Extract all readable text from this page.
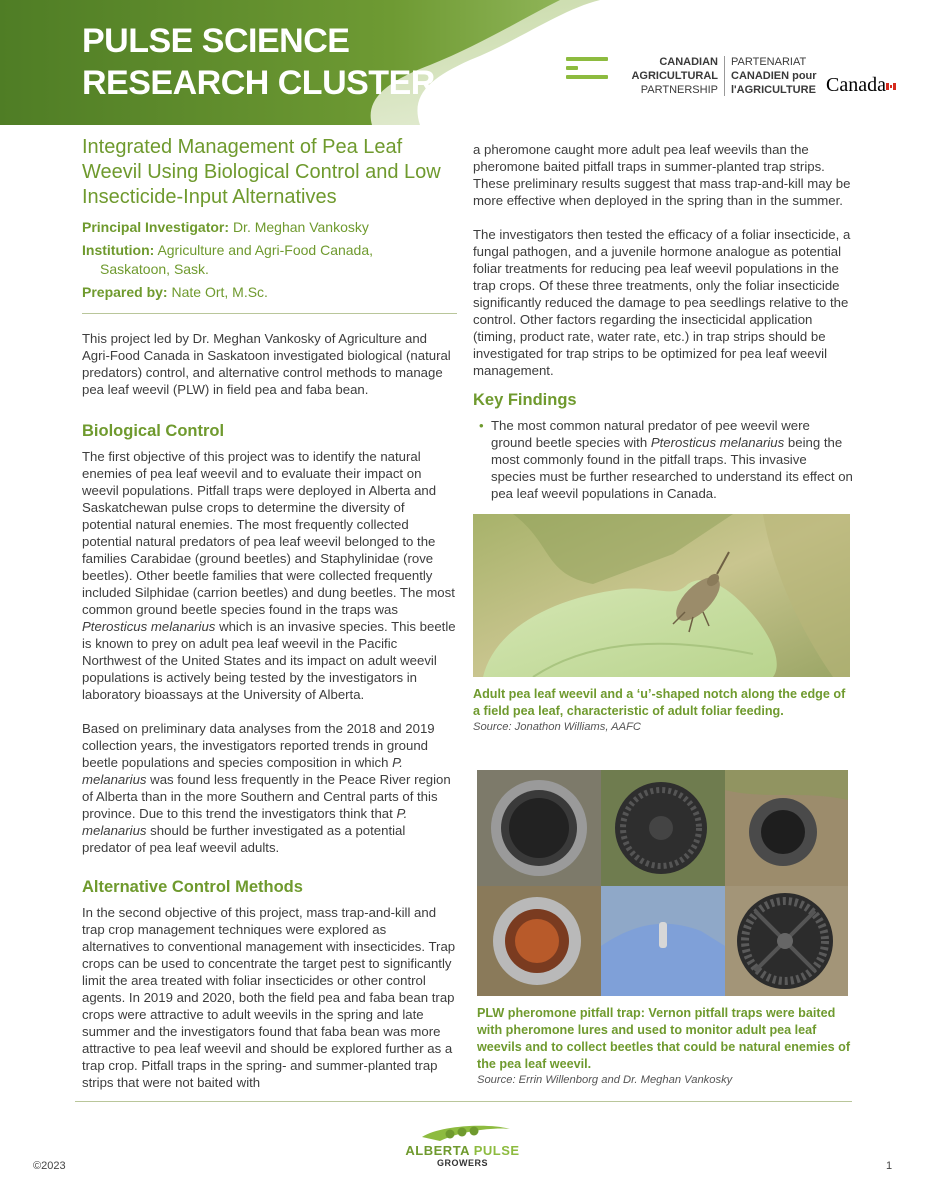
PULSE SCIENCE
RESEARCH CLUSTER
CANADIAN
AGRICULTURAL
PARTNERSHIP
PARTENARIAT
CANADIEN pour
l'AGRICULTURE Canada
Integrated Management of Pea Leaf Weevil Using Biological Control and Low Insecticide-Input Alternatives
Principal Investigator: Dr. Meghan Vankosky
Institution: Agriculture and Agri-Food Canada,
Saskatoon, Sask.
Prepared by: Nate Ort, M.Sc.

This project led by Dr. Meghan Vankosky of Agriculture and Agri-Food Canada in Saskatoon investigated biological (natural predators) control, and alternative control methods to manage pea leaf weevil (PLW) in field pea and faba bean.

Biological Control

The first objective of this project was to identify the natural enemies of pea leaf weevil and to evaluate their impact on weevil populations. Pitfall traps were deployed in Alberta and Saskatchewan pulse crops to determine the diversity of potential natural enemies. The most frequently collected potential natural predators of pea leaf weevil belonged to the families Carabidae (ground beetles) and Staphylinidae (rove beetles). Other beetle families that were collected frequently included Silphidae (carrion beetles) and dung beetles. The most common ground beetle species found in the traps was Pterosticus melanarius which is an invasive species. This beetle is known to prey on adult pea leaf weevil in the Pacific Northwest of the United States and its impact on adult weevil populations is actively being tested by the investigators in laboratory bioassays at the University of Alberta.

Based on preliminary data analyses from the 2018 and 2019 collection years, the investigators reported trends in ground beetle populations and species composition in which P. melanarius was found less frequently in the Peace River region of Alberta than in the more Southern and Central parts of this province. Due to this trend the investigators think that P. melanarius should be further investigated as a potential predator of pea leaf weevil adults.

Alternative Control Methods

In the second objective of this project, mass trap-and-kill and trap crop management techniques were explored as alternatives to conventional management with insecticides. Trap crops can be used to concentrate the target pest to significantly limit the area treated with foliar insecticides or other control agents. In 2019 and 2020, both the field pea and faba bean trap crops were attractive to adult weevils in the spring and late summer and the investigators found that faba bean was more attractive to pea leaf weevil and should be explored further as a trap crop. Pitfall traps in the spring- and summer-planted trap strips that were not baited with

a pheromone caught more adult pea leaf weevils than the pheromone baited pitfall traps in summer-planted trap strips. These preliminary results suggest that mass trap-and-kill may be more effective when deployed in the spring than in the summer.

The investigators then tested the efficacy of a foliar insecticide, a fungal pathogen, and a juvenile hormone analogue as potential foliar treatments for reducing pea leaf weevil populations in the trap crops. Of these three treatments, only the foliar insecticide significantly reduced the damage to pea seedlings relative to the control. Other factors regarding the insecticidal application (timing, product rate, water rate, etc.) in trap strips should be investigated for trap strips to be optimized for pea leaf weevil management.

Key Findings
• The most common natural predator of pee weevil were ground beetle species with Pterosticus melanarius being the most commonly found in the pitfall traps. This invasive species must be further researched to understand its effect on pea leaf weevil populations in Canada.
Adult pea leaf weevil and a ‘u’-shaped notch along the edge of a field pea leaf, characteristic of adult foliar feeding.
Source: Jonathon Williams, AAFC
PLW pheromone pitfall trap: Vernon pitfall traps were baited with pheromone lures and used to monitor adult pea leaf weevils and to collect beetles that could be natural enemies of the pea leaf weevil.
Source: Errin Willenborg and Dr. Meghan Vankosky
©2023	1
ALBERTA PULSE
GROWERS
